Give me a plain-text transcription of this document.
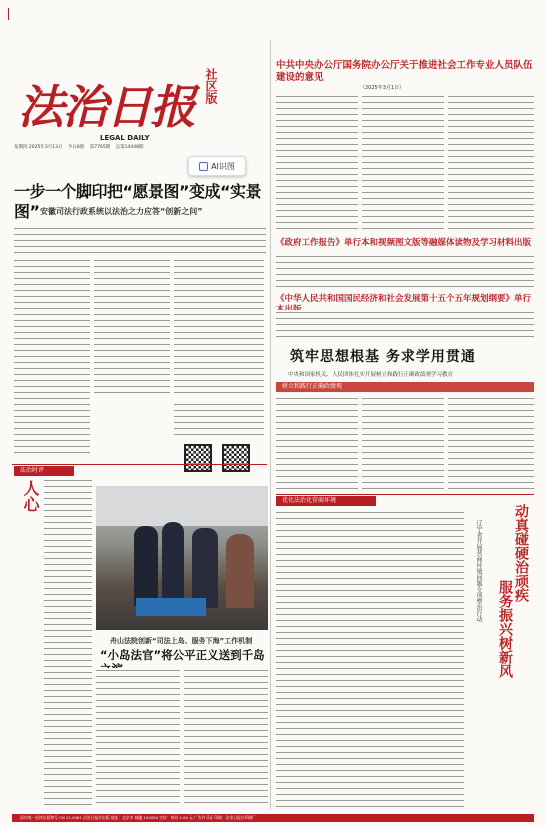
法治日报 社区版
LEGAL DAILY
星期四 2025年3月13日 今日8版 第7765期 总第14448期
AI识图
一步一个脚印把“愿景图”变成“实景图” 安徽司法行政系统以法治之力应答“创新之问”
法治时评
人心
舟山法院创新“司法上岛、服务下海”工作机制
“小岛法官”将公平正义送到千岛
中共中央办公厅国务院办公厅关于推进社会工作专业人员队伍建设的意见
（2025年3月1日）
《政府工作报告》单行本和视频图文版等融媒体读物及学习材料出版
《中华人民共和国国民经济和社会发展第十五个五年规划纲要》单行
筑牢思想根基 务求学用贯通
中央和国家机关、人民团体扎实开展树立和践行正确政绩观学习教育
树立和践行正确政绩观
优化法治化营商环境
动真碰硬治顽疾
服务振兴树新风
辽宁省开展营商环境问题专项整治行动
国内统一连续出版物号 CN 11-0061 法治日报社出版 地址：北京市 邮编 100000 定价：每份 1.00 元 广告许可证 印刷：法治日报社印刷厂
